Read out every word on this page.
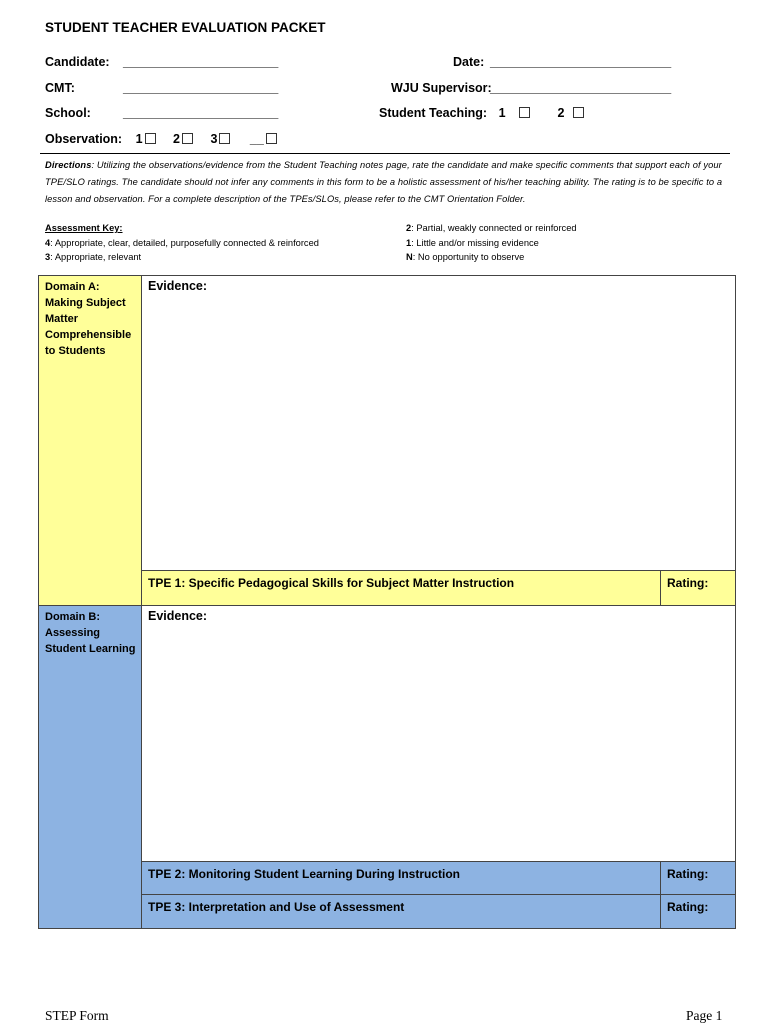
STUDENT TEACHER EVALUATION PACKET
Candidate: ________________________	Date: ____________________________
CMT:	________________________	WJU Supervisor:
____________________________
School:	________________________	Student Teaching: 1	2
Observation: 1 2 3	__
Directions: Utilizing the observations/evidence from the Student Teaching notes page, rate the candidate and make specific comments that support each of your TPE/SLO ratings. The candidate should not infer any comments in this form to be a holistic assessment of his/her teaching ability. The rating is to be specific to a lesson and observation. For a complete description of the TPEs/SLOs, please refer to the CMT Orientation Folder.
Assessment Key:
4: Appropriate, clear, detailed, purposefully connected & reinforced
3: Appropriate, relevant
2: Partial, weakly connected or reinforced
1: Little and/or missing evidence
N: No opportunity to observe
Domain A:
Making Subject
Matter
Comprehensible
to Students
Evidence:
TPE 1: Specific Pedagogical Skills for Subject Matter Instruction	Rating:
Domain B:
Assessing
Student Learning
Evidence:
TPE 2: Monitoring Student Learning During Instruction	Rating:
TPE 3: Interpretation and Use of Assessment	Rating:
STEP Form	Page 1
